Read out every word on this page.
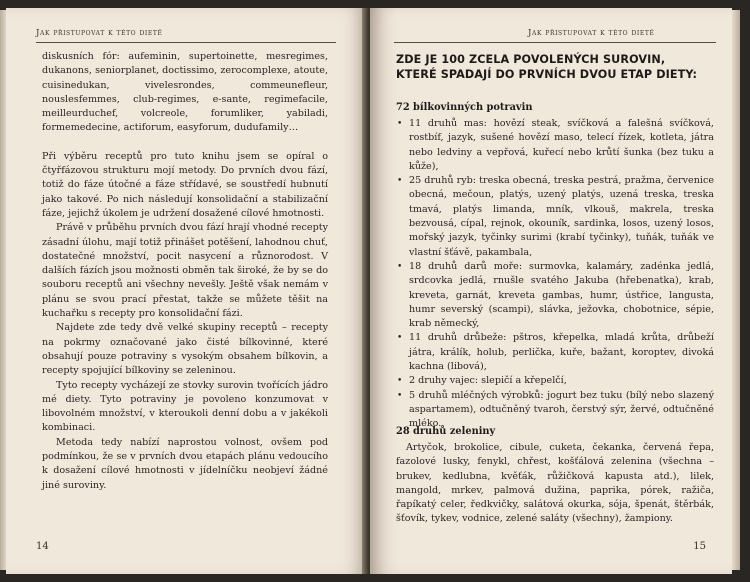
Jak přistupovat k této dietě

diskusních fór: aufeminin, supertoinette, mesregimes, dukanons, seniorplanet, doctissimo, zerocomplexe, atoute, cuisinedukan, vivelesrondes, commeunefleur, nouslesfemmes, club-regimes, e-sante, regimefacile, meilleurduchef, volcreole, forumliker, yabiladi, formemedecine, actiforum, easyforum, dudufamily…

Při výběru receptů pro tuto knihu jsem se opíral o čtyřfázovou strukturu mojí metody. Do prvních dvou fází, totiž do fáze útočné a fáze střídavé, se soustředí hubnutí jako takové. Po nich následují konsolidační a stabilizační fáze, jejichž úkolem je udržení dosažené cílové hmotnosti.

Právě v průběhu prvních dvou fází hrají vhodné recepty zásadní úlohu, mají totiž přinášet potěšení, lahodnou chuť, dostatečné množství, pocit nasycení a různorodost. V dalších fázích jsou možnosti obměn tak široké, že by se do souboru receptů ani všechny nevešly. Ještě však nemám v plánu se svou prací přestat, takže se můžete těšit na kuchařku s recepty pro konsolidační fázi.

Najdete zde tedy dvě velké skupiny receptů – recepty na pokrmy označované jako čisté bílkovinné, které obsahují pouze potraviny s vysokým obsahem bílkovin, a recepty spojující bílkoviny se zeleninou.

Tyto recepty vycházejí ze stovky surovin tvořících jádro mé diety. Tyto potraviny je povoleno konzumovat v libovolném množství, v kteroukoli denní dobu a v jakékoli kombinaci.

Metoda tedy nabízí naprostou volnost, ovšem pod podmínkou, že se v prvních dvou etapách plánu vedoucího k dosažení cílové hmotnosti v jídelníčku neobjeví žádné jiné suroviny.

14
Jak přistupovat k této dietě
ZDE JE 100 ZCELA POVOLENÝCH SUROVIN,
KTERÉ SPADAJÍ DO PRVNÍCH DVOU ETAP DIETY:
72 bílkovinných potravin
• 11 druhů mas: hovězí steak, svíčková a falešná svíčková, rostbíf, jazyk, sušené hovězí maso, telecí řízek, kotleta, játra nebo ledviny a vepřová, kuřecí nebo krůtí šunka (bez tuku a kůže),
• 25 druhů ryb: treska obecná, treska pestrá, pražma, červenice obecná, mečoun, platýs, uzený platýs, uzená treska, treska tmavá, platýs limanda, mník, vlkouš, makrela, treska bezvousá, cípal, rejnok, okouník, sardinka, losos, uzený losos, mořský jazyk, tyčinky surimi (krabí tyčinky), tuňák, tuňák ve vlastní šťávě, pakambala,
• 18 druhů darů moře: surmovka, kalamáry, zadénka jedlá, srdcovka jedlá, rnušle svatého Jakuba (hřebenatka), krab, kreveta, garnát, kreveta gambas, humr, ústřice, langusta, humr severský (scampi), slávka, ježovka, chobotnice, sépie, krab německý,
• 11 druhů drůbeže: pštros, křepelka, mladá krůta, drůbeží játra, králík, holub, perlička, kuře, bažant, koroptev, divoká kachna (libová),
• 2 druhy vajec: slepičí a křepelčí,
• 5 druhů mléčných výrobků: jogurt bez tuku (bílý nebo slazený aspartamem), odtučněný tvaroh, čerstvý sýr, žervé, odtučněné mléko.
28 druhů zeleniny

Artyčok, brokolice, cibule, cuketa, čekanka, červená řepa, fazolové lusky, fenykl, chřest, košťálová zelenina (všechna – brukev, kedlubna, kvěťák, růžičková kapusta atd.), lilek, mangold, mrkev, palmová dužina, paprika, pórek, ražiča, řapíkatý celer, ředkvičky, salátová okurka, sója, špenát, štěrbák, šťovík, tykev, vodnice, zelené saláty (všechny), žampiony.

15
